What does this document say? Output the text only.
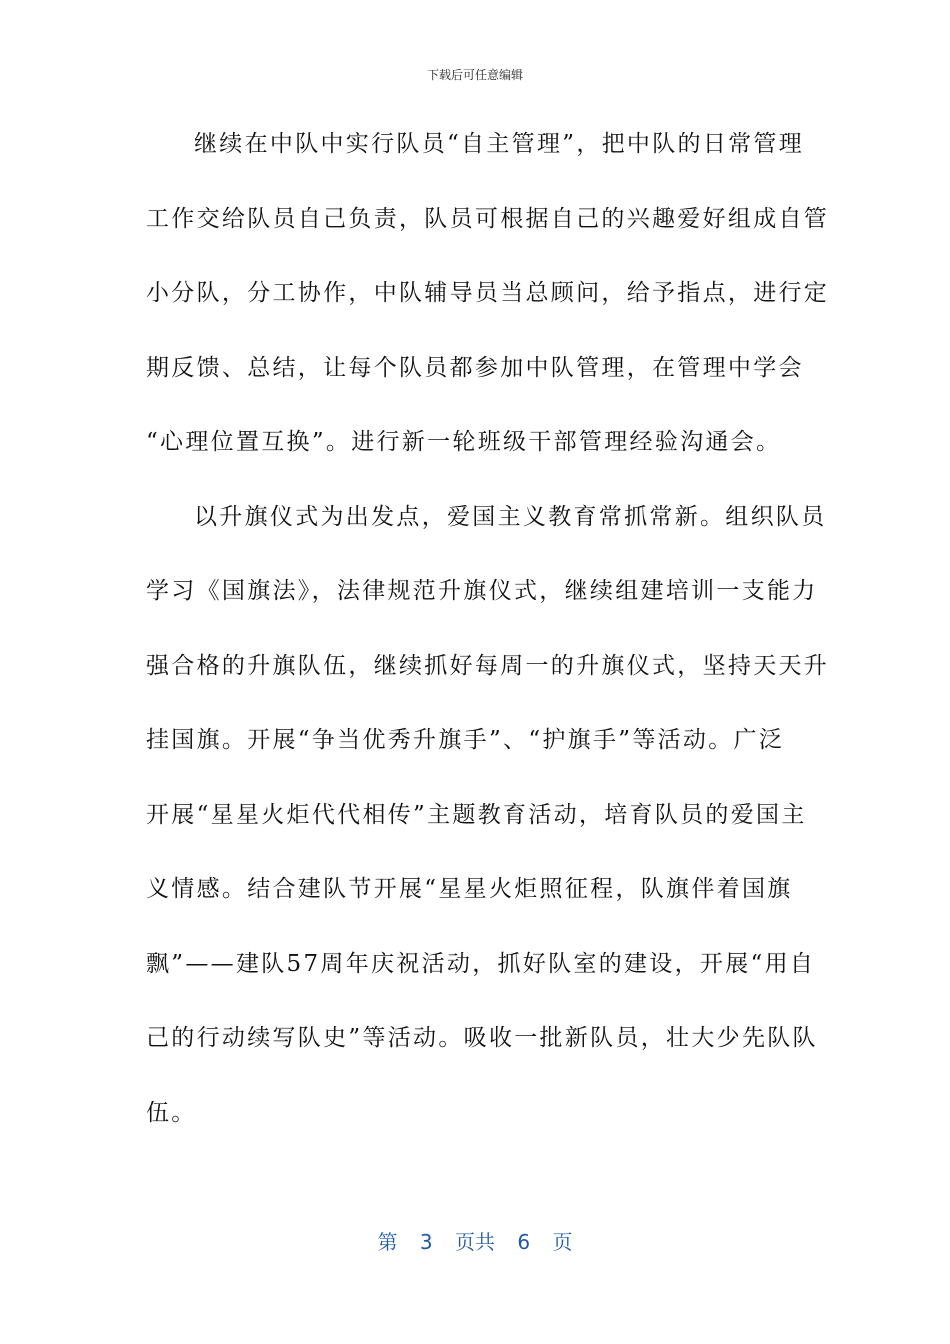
下载后可任意编辑
继续在中队中实行队员“自主管理”，把中队的日常管理
工作交给队员自己负责，队员可根据自己的兴趣爱好组成自管
小分队，分工协作，中队辅导员当总顾问，给予指点，进行定
期反馈、总结，让每个队员都参加中队管理，在管理中学会
“心理位置互换”。进行新一轮班级干部管理经验沟通会。
以升旗仪式为出发点，爱国主义教育常抓常新。组织队员
学习《国旗法》，法律规范升旗仪式，继续组建培训一支能力
强合格的升旗队伍，继续抓好每周一的升旗仪式，坚持天天升
挂国旗。开展“争当优秀升旗手”、“护旗手”等活动。广泛
开展“星星火炬代代相传”主题教育活动，培育队员的爱国主
义情感。结合建队节开展“星星火炬照征程，队旗伴着国旗
飘”——建队57周年庆祝活动，抓好队室的建设，开展“用自
己的行动续写队史”等活动。吸收一批新队员，壮大少先队队
伍。
第 3 页共 6 页
